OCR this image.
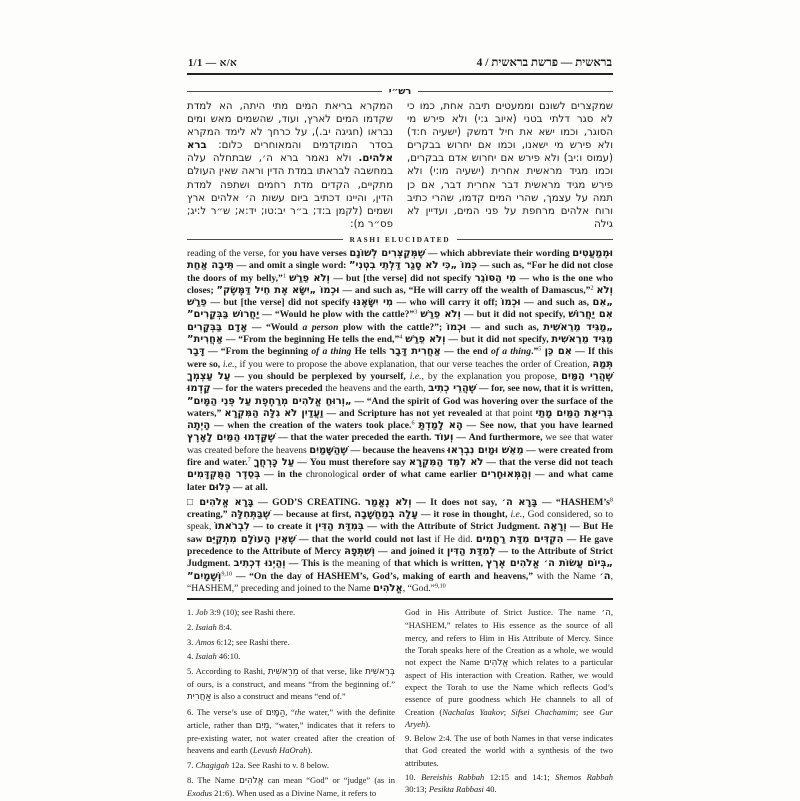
א/א — 1/1	בראשית — פרשת בראשית / 4
רש״י
שמקצרים לשונם וממעטים תיבה אחת, כמו כי לא סגר דלתי בטני (איוב ג:י) ולא פירש מי הסוגר, וכמו ישא את חיל דמשק (ישעיה ח:ד) ולא פירש מי ישאנו, וכמו אם יחרוש בבקרים (עמוס ו:יב) ולא פירש אם יחרוש אדם בבקרים, וכמו מגיד מראשית אחרית (ישעיה מו:י) ולא פירש מגיד מראשית דבר אחרית דבר, אם כן תמה על עצמך, שהרי המים קדמו, שהרי כתיב ורוח אלהים מרחפת על פני המים, ועדיין לא גילה
המקרא בריאת המים מתי היתה, הא למדת שקדמו המים לארץ, ועוד, שהשמים מאש ומים נבראו (חגיגה יב.), על כרחך לא לימד המקרא בסדר המוקדמים והמאוחרים כלום: ברא אלהים. ולא נאמר ברא ה׳, שבתחלה עלה במחשבה לבראתו במדת הדין וראה שאין העולם מתקיים, הקדים מדת רחמים ושתפה למדת הדין, והיינו דכתיב ביום עשות ה׳ אלהים ארץ ושמים (לקמן ב:ד; ב״ר יב:טו; יד:א; ש״ר ל:יג; פס״ר מ):
RASHI ELUCIDATED
reading of the verse, for you have verses שֶׁמְּקַצְּרִים לְשׁוֹנָם — which abbreviate their wording וּמְמַעֲטִים תֵּיבָה אַחַת — and omit a single word: כְּמוֹ „כִּי לֹא סָגַר דַּלְתֵי בִטְנִי” — such as, “For he did not close the doors of my belly,”$^1$ וְלֹא פֵרַשׁ — but [the verse] did not specify מִי הַסּוֹגֵר — who is the one who closes; וּכְמוֹ „יִשָּׂא אֶת חֵיל דַּמֶּשֶׂק” — and such as, “He will carry off the wealth of Damascus,”$^2$ וְלֹא פֵרַשׁ — but [the verse] did not specify מִי יִשָּׂאֶנּוּ — who will carry it off; וּכְמוֹ — and such as, „אִם יַחֲרוֹשׁ בַּבְּקָרִים” — “Would he plow with the cattle?”$^3$ וְלֹא פֵרַשׁ — but it did not specify, אִם יַחֲרוֹשׁ אָדָם בַּבְּקָרִים — “Would a person plow with the cattle?”; וּכְמוֹ — and such as, „מַגִּיד מֵרֵאשִׁית אַחֲרִית” — “From the beginning He tells the end,”$^4$ וְלֹא פֵרַשׁ — but it did not specify, מַגִּיד מֵרֵאשִׁית דָּבָר — “From the beginning of a thing He tells אַחֲרִית דָּבָר — the end of a thing.”$^5$ אִם כֵּן — If this were so, i.e., if you were to propose the above explanation, that our verse teaches the order of Creation, תְּמַהּ עַל עַצְמְךָ — you should be perplexed by yourself, i.e., by the explanation you propose, שֶׁהֲרֵי הַמַּיִם קָדְמוּ — for the waters preceded the heavens and the earth, שֶׁהֲרֵי כְתִיב — for, see now, that it is written, „וְרוּחַ אֱלֹהִים מְרַחֶפֶת עַל פְּנֵי הַמָּיִם” — “And the spirit of God was hovering over the surface of the waters,” וַעֲדַיִן לֹא גִלָּה הַמִּקְרָא — and Scripture has not yet revealed at that point בְּרִיאַת הַמַּיִם מָתַי הָיְתָה — when the creation of the waters took place.$^6$ הָא לָמַדְתָּ — See now, that you have learned שֶׁקָּדְמוּ הַמַּיִם לָאָרֶץ — that the water preceded the earth. וְעוֹד — And furthermore, we see that water was created before the heavens שֶׁהַשָּׁמַיִם — because the heavens מֵאֵשׁ וּמַיִם נִבְרְאוּ — were created from fire and water.$^7$ עַל כָּרְחֲךָ — You must therefore say לֹא לִמֵּד הַמִּקְרָא — that the verse did not teach בְּסֵדֶר הַמֻּקְדָּמִים — in the chronological order of what came earlier וְהַמְּאוּחָרִים — and what came later כְּלוּם — at all.
□ בָּרָא אֱלֹהִים — GOD’S CREATING. וְלֹא נֶאֱמַר — It does not say, בָּרָא ה׳ — “$HASHEM’s^8$ creating,” שֶׁבַּתְּחִלָּה — because at first, עָלָה בְמַחֲשָׁבָה — it rose in thought, i.e., God considered, so to speak, לִבְרֹאתוֹ — to create it בְּמִדַּת הַדִּין — with the Attribute of Strict Judgment. וְרָאָה — But He saw שֶׁאֵין הָעוֹלָם מִתְקַיֵּם — that the world could not last if He did. הִקְדִּים מִדַּת רַחֲמִים — He gave precedence to the Attribute of Mercy וְשִׁתְּפָהּ — and joined it לְמִדַּת הַדִּין — to the Attribute of Strict Judgment. וְהַיְנוּ דִכְתִיב — This is the meaning of that which is written, „בְּיוֹם עֲשׂוֹת ה׳ אֱלֹהִים אֶרֶץ וְשָׁמָיִם”$^{9,10}$ — “On the day of HASHEM’s, God’s, making of earth and heavens,” with the Name ה׳, “HASHEM,” preceding and joined to the Name אֱלֹהִים, “God.”$^{9,10}$
1. Job 3:9 (10); see Rashi there.
2. Isaiah 8:4.
3. Amos 6:12; see Rashi there.
4. Isaiah 46:10.
5. According to Rashi, מֵרֵאשִׁית of that verse, like בְּרֵאשִׁית of ours, is a construct, and means “from the beginning of.” אַחֲרִית is also a construct and means “end of.”
6. The verse’s use of הַמָּיִם, “the water,” with the definite article, rather than מַיִם, “water,” indicates that it refers to pre-existing water, not water created after the creation of heavens and earth (Levush HaOrah).
7. Chagigah 12a. See Rashi to v. 8 below.
8. The Name אֱלֹהִים can mean “God” or “judge” (as in Exodus 21:6). When used as a Divine Name, it refers to
God in His Attribute of Strict Justice. The name ה׳, “HASHEM,” relates to His essence as the source of all mercy, and refers to Him in His Attribute of Mercy. Since the Torah speaks here of the Creation as a whole, we would not expect the Name אֱלֹהִים which relates to a particular aspect of His interaction with Creation. Rather, we would expect the Torah to use the Name which reflects God’s essence of pure goodness which He channels to all of Creation (Nachalas Yaakov; Sifsei Chachamim; see Gur Aryeh).
9. Below 2:4. The use of both Names in that verse indicates that God created the world with a synthesis of the two attributes.
10. Bereishis Rabbah 12:15 and 14:1; Shemos Rabbah 30:13; Pesikta Rabbasi 40.
